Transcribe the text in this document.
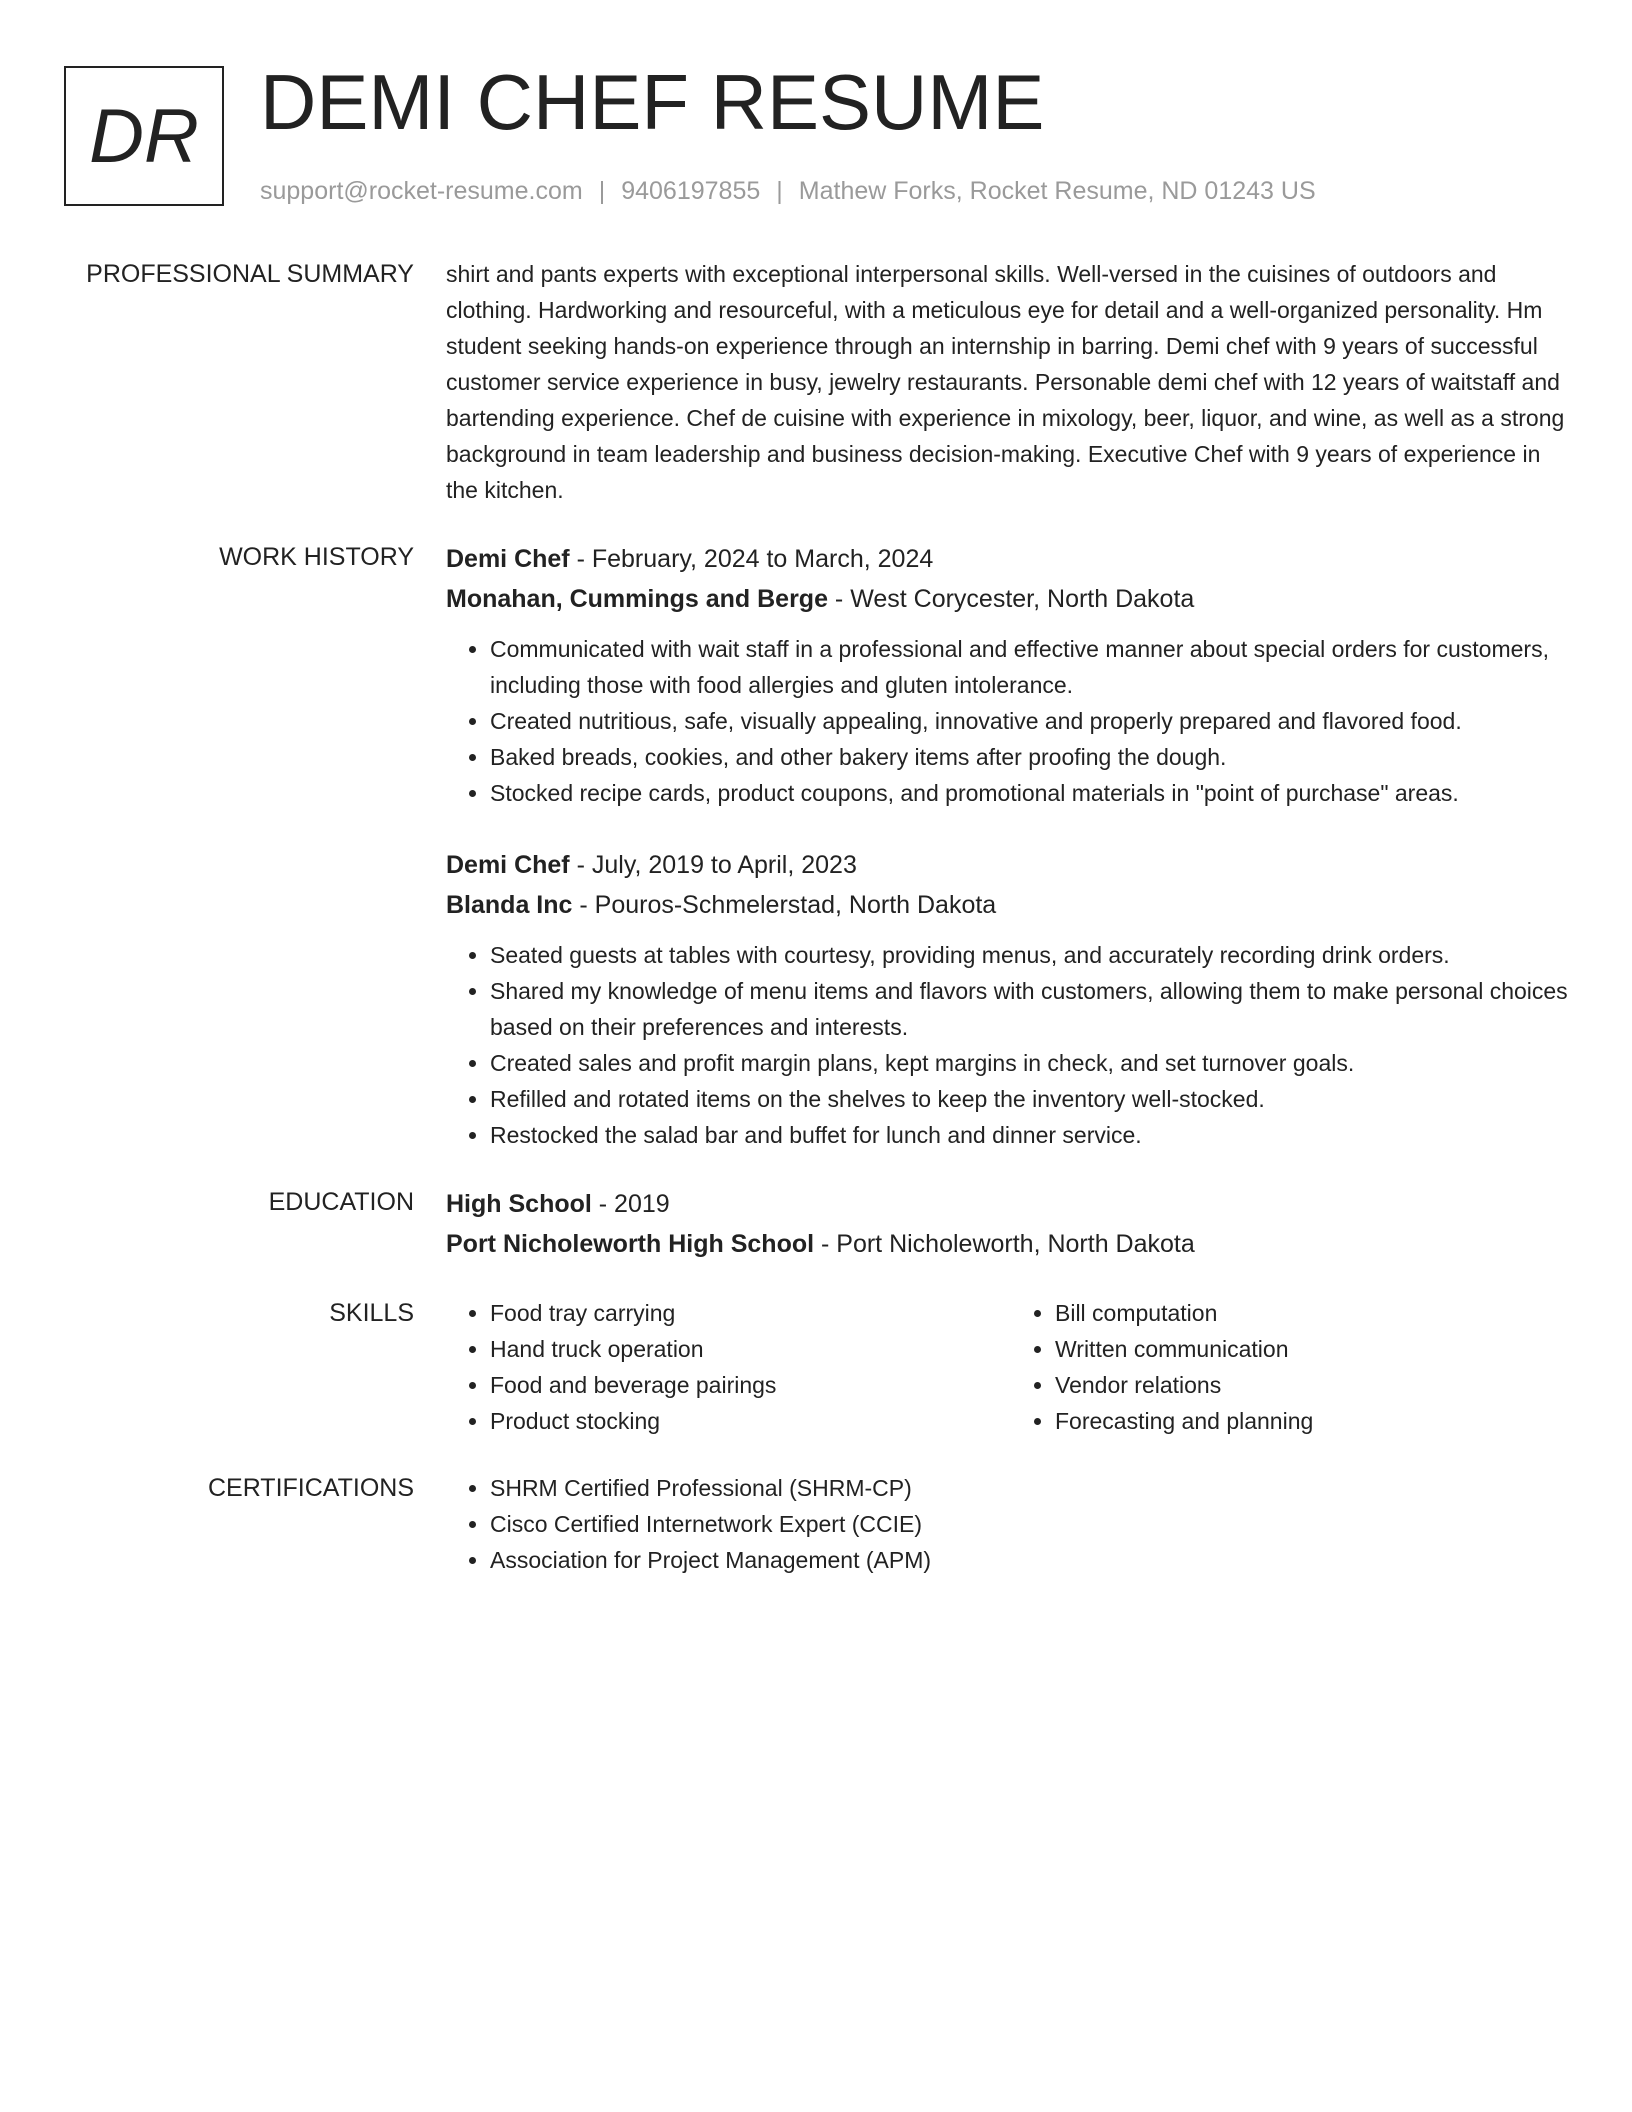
DR DEMI CHEF RESUME
support@rocket-resume.com | 9406197855 | Mathew Forks, Rocket Resume, ND 01243 US
PROFESSIONAL SUMMARY shirt and pants experts with exceptional interpersonal skills. Well-versed in the cuisines of outdoors and clothing. Hardworking and resourceful, with a meticulous eye for detail and a well-organized personality. Hm student seeking hands-on experience through an internship in barring. Demi chef with 9 years of successful customer service experience in busy, jewelry restaurants. Personable demi chef with 12 years of waitstaff and bartending experience. Chef de cuisine with experience in mixology, beer, liquor, and wine, as well as a strong background in team leadership and business decision-making. Executive Chef with 9 years of experience in the kitchen.

WORK HISTORY Demi Chef - February, 2024 to March, 2024
Monahan, Cummings and Berge - West Corycester, North Dakota
• Communicated with wait staff in a professional and effective manner about special orders for customers, including those with food allergies and gluten intolerance.
• Created nutritious, safe, visually appealing, innovative and properly prepared and flavored food.
• Baked breads, cookies, and other bakery items after proofing the dough.
• Stocked recipe cards, product coupons, and promotional materials in "point of purchase" areas.
Demi Chef - July, 2019 to April, 2023
Blanda Inc - Pouros-Schmelerstad, North Dakota
• Seated guests at tables with courtesy, providing menus, and accurately recording drink orders.
• Shared my knowledge of menu items and flavors with customers, allowing them to make personal choices based on their preferences and interests.
• Created sales and profit margin plans, kept margins in check, and set turnover goals.
• Refilled and rotated items on the shelves to keep the inventory well-stocked.
• Restocked the salad bar and buffet for lunch and dinner service.
EDUCATION High School - 2019
Port Nicholeworth High School - Port Nicholeworth, North Dakota
SKILLS	• Food tray carrying
• Hand truck operation
• Food and beverage pairings
• Product stocking
• Bill computation
• Written communication
• Vendor relations
• Forecasting and planning
CERTIFICATIONS	• SHRM Certified Professional (SHRM-CP)
• Cisco Certified Internetwork Expert (CCIE)
• Association for Project Management (APM)
